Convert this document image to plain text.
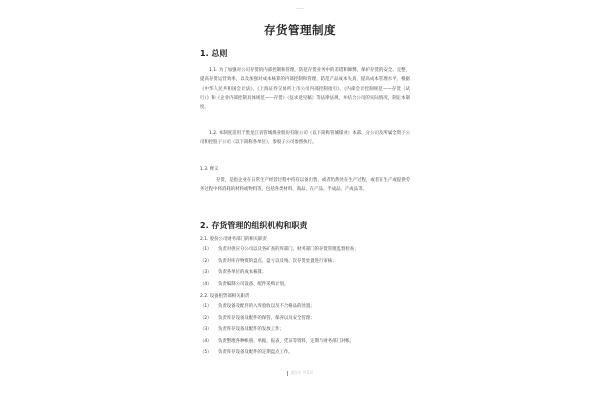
存货管理制度
1. 总则
1.1. 为了加强对公司存货的内部控制和管理，防范存货业务中的差错和舞弊，保护存货的安全、完整，提高存货运营效率，以及加强对成本核算的内部控制和管理，防范产品成本失真，提高成本管理水平，根据《中华人民共和国会计法》、《上海证券交易所上市公司内部控制指引》、《内部会计控制规范——存货（试行）》和《企业内部控制具体规范——存货》（征求意见稿）等法律法规，并结合公司的实际情况，制定本制度。
1.2. 本制度适用于黑龙江省管城煤业股份有限公司（以下简称管城煤业）本部、分公司及所属全资子公司和控股子公司（以下简称各单位），参股子公司参照执行。
1.3. 释义
存货，是指企业在日常生产经营过程中持有以备出售、或者仍然处在生产过程，或者在生产或提供劳务过程中将消耗的材料或物料等，包括各类材料、商品、在产品、半成品、产成品等。
2. 存货管理的组织机构和职责
2.1. 股份公司财务部门的相关职责
（1） 负责对供应分公司以及各矿查的库部门、财务部门的存货管理监督检查；
（2） 负责对库存物资的盘点、盘亏以及残、次存货处置进行审核；
（3） 负责各单位的成本核算；
（4） 负责编制公司设备、配件采购计划。
2.2. 设备租赁部相关职责
（1） 负责设备及配件的入库验收以及不合格品的处置；
（2） 负责库存设备及配件的保管、保养以及安全管理；
（3） 负责库存设备及配件的发放工作；
（4） 负责整理各种帐册、单据、报表，凭证等资料，定期与财务部门对帐；
（5） 负责库存设备及配件的定期盘点工作。
第1页 共5页
